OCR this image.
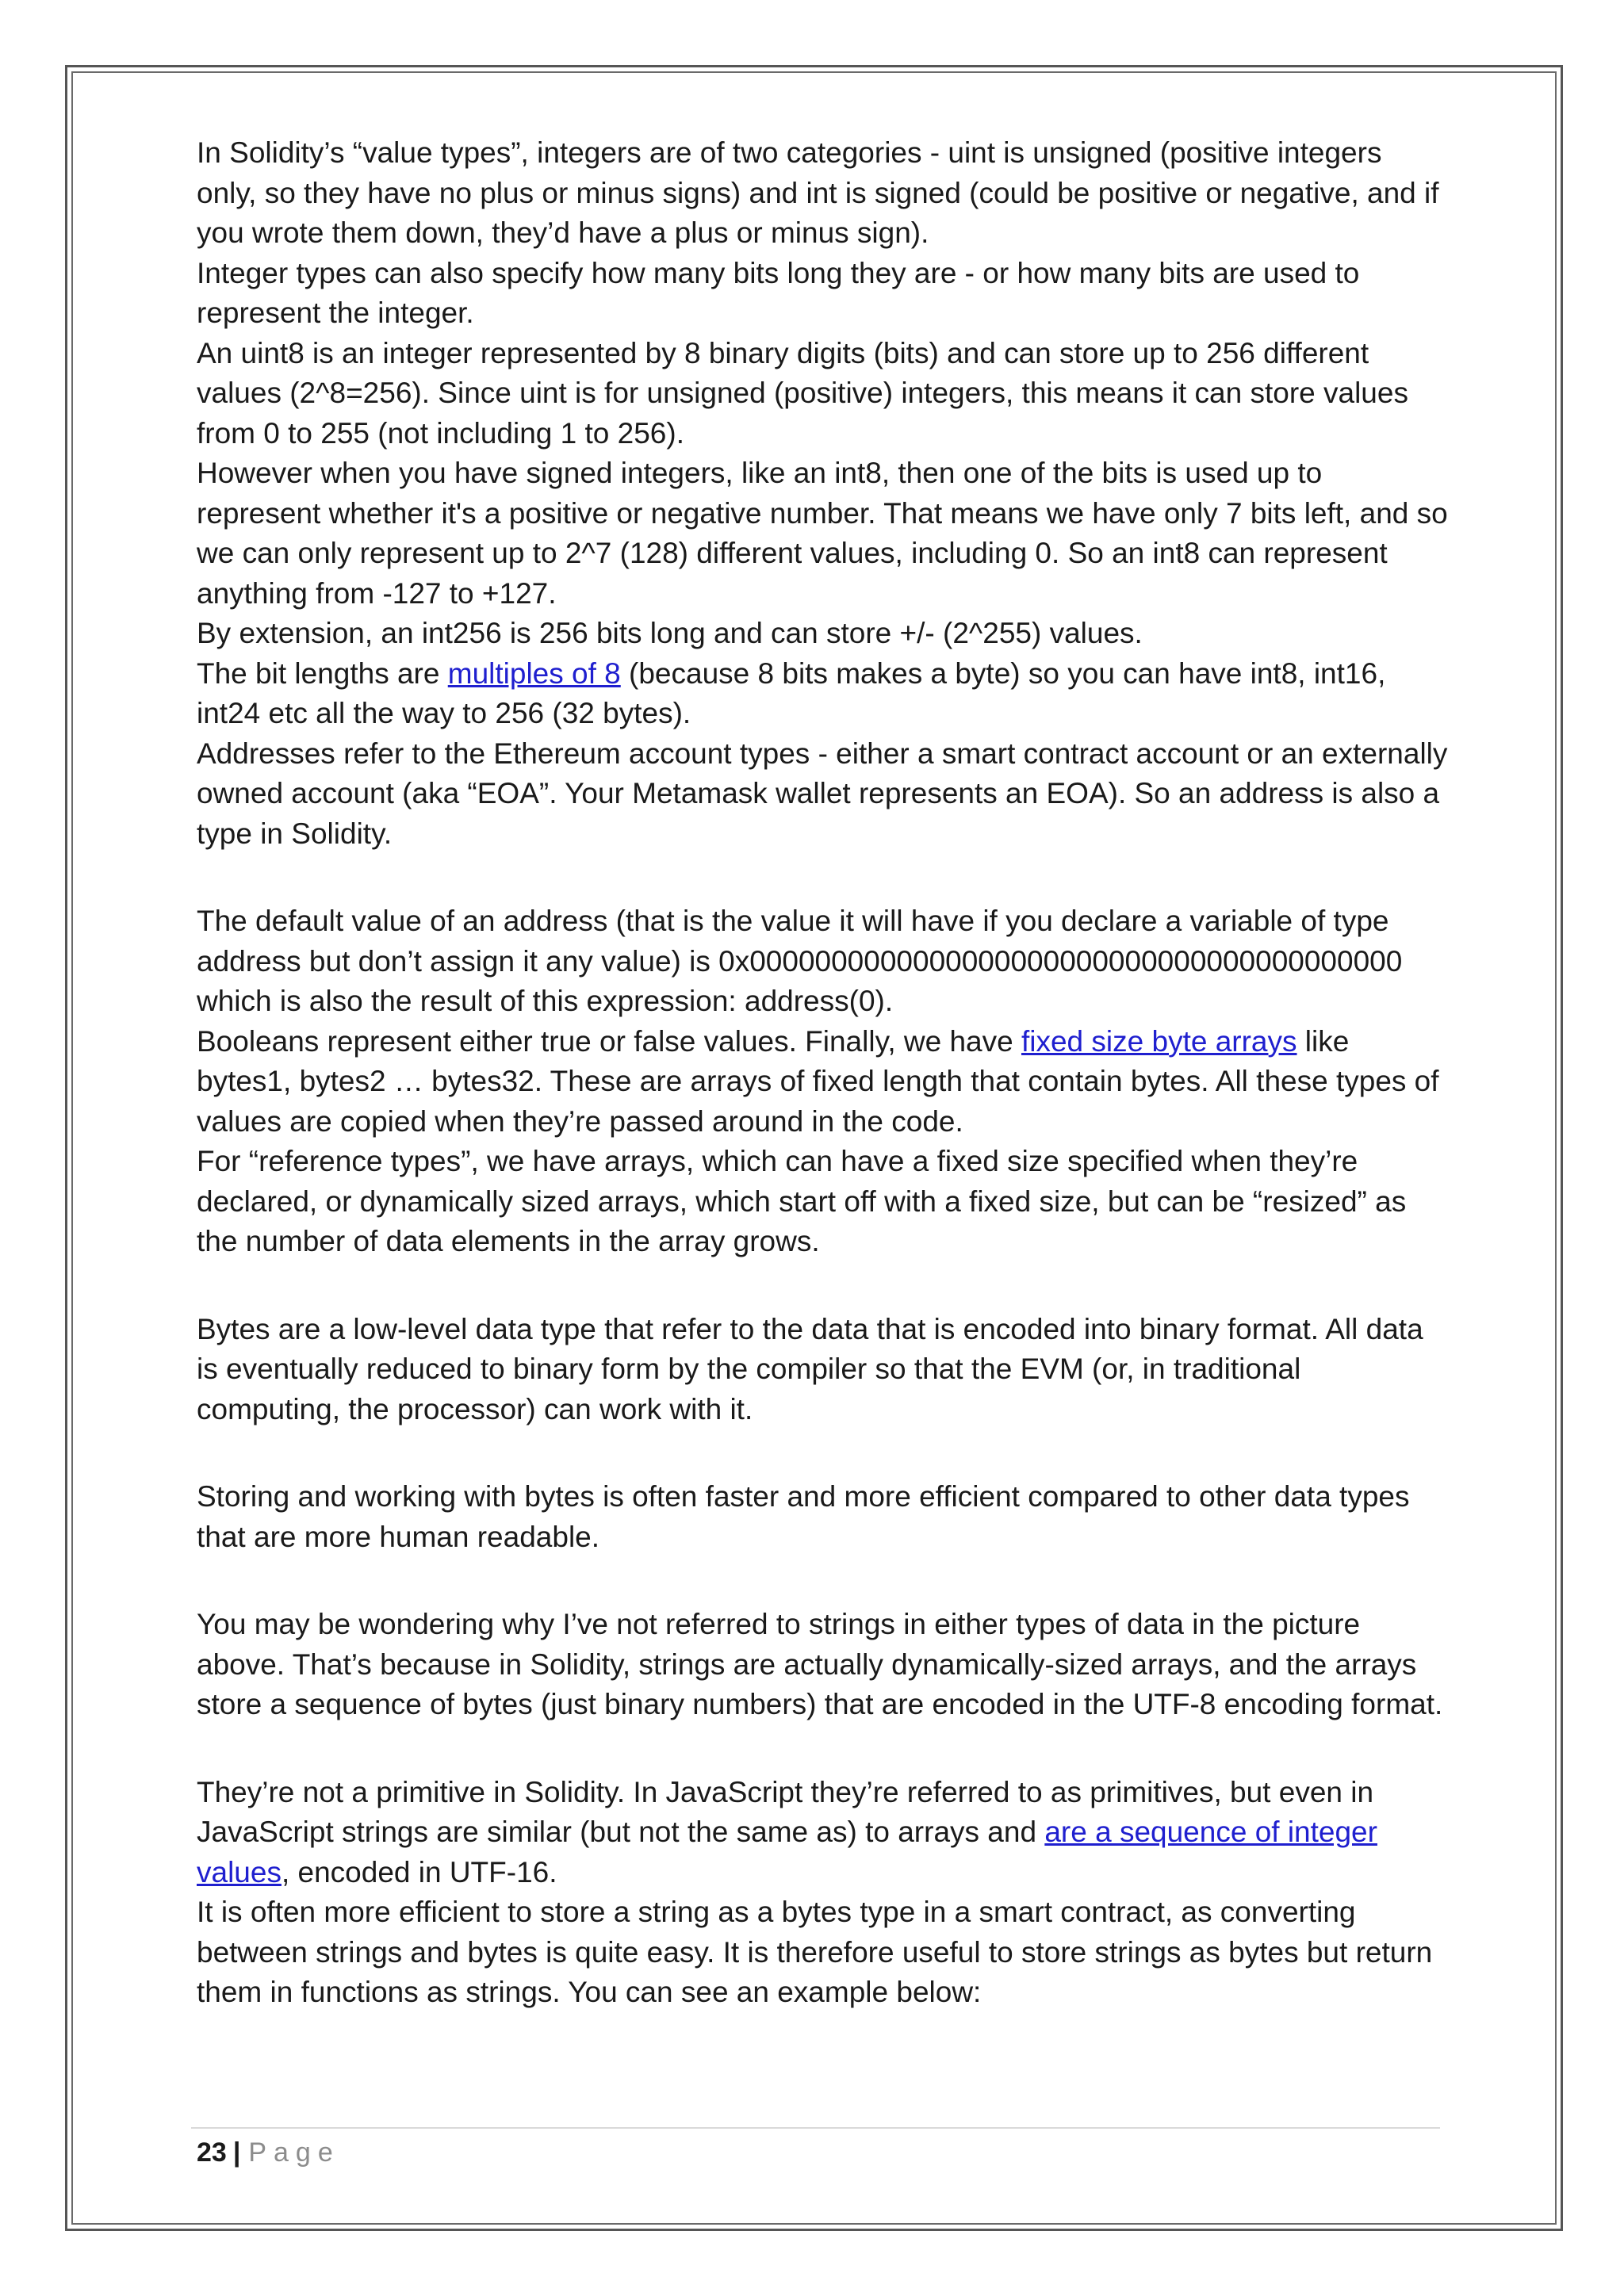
In Solidity’s “value types”, integers are of two categories - uint is unsigned (positive integers only, so they have no plus or minus signs) and int is signed (could be positive or negative, and if you wrote them down, they’d have a plus or minus sign).

Integer types can also specify how many bits long they are - or how many bits are used to represent the integer.

An uint8 is an integer represented by 8 binary digits (bits) and can store up to 256 different values (2^8=256). Since uint is for unsigned (positive) integers, this means it can store values from 0 to 255 (not including 1 to 256).

However when you have signed integers, like an int8, then one of the bits is used up to represent whether it's a positive or negative number. That means we have only 7 bits left, and so we can only represent up to 2^7 (128) different values, including 0. So an int8 can represent anything from -127 to +127.

By extension, an int256 is 256 bits long and can store +/- (2^255) values.

The bit lengths are multiples of 8 (because 8 bits makes a byte) so you can have int8, int16, int24 etc all the way to 256 (32 bytes).

Addresses refer to the Ethereum account types - either a smart contract account or an externally owned account (aka “EOA”. Your Metamask wallet represents an EOA). So an address is also a type in Solidity.

The default value of an address (that is the value it will have if you declare a variable of type address but don’t assign it any value) is 0x0000000000000000000000000000000000000000 which is also the result of this expression: address(0).

Booleans represent either true or false values. Finally, we have fixed size byte arrays like bytes1, bytes2 … bytes32. These are arrays of fixed length that contain bytes. All these types of values are copied when they’re passed around in the code.

For “reference types”, we have arrays, which can have a fixed size specified when they’re declared, or dynamically sized arrays, which start off with a fixed size, but can be “resized” as the number of data elements in the array grows.

Bytes are a low-level data type that refer to the data that is encoded into binary format. All data is eventually reduced to binary form by the compiler so that the EVM (or, in traditional computing, the processor) can work with it.

Storing and working with bytes is often faster and more efficient compared to other data types that are more human readable.

You may be wondering why I’ve not referred to strings in either types of data in the picture above. That’s because in Solidity, strings are actually dynamically-sized arrays, and the arrays store a sequence of bytes (just binary numbers) that are encoded in the UTF-8 encoding format.

They’re not a primitive in Solidity. In JavaScript they’re referred to as primitives, but even in JavaScript strings are similar (but not the same as) to arrays and are a sequence of integer values, encoded in UTF-16.

It is often more efficient to store a string as a bytes type in a smart contract, as converting between strings and bytes is quite easy. It is therefore useful to store strings as bytes but return them in functions as strings. You can see an example below:

23 | Page
